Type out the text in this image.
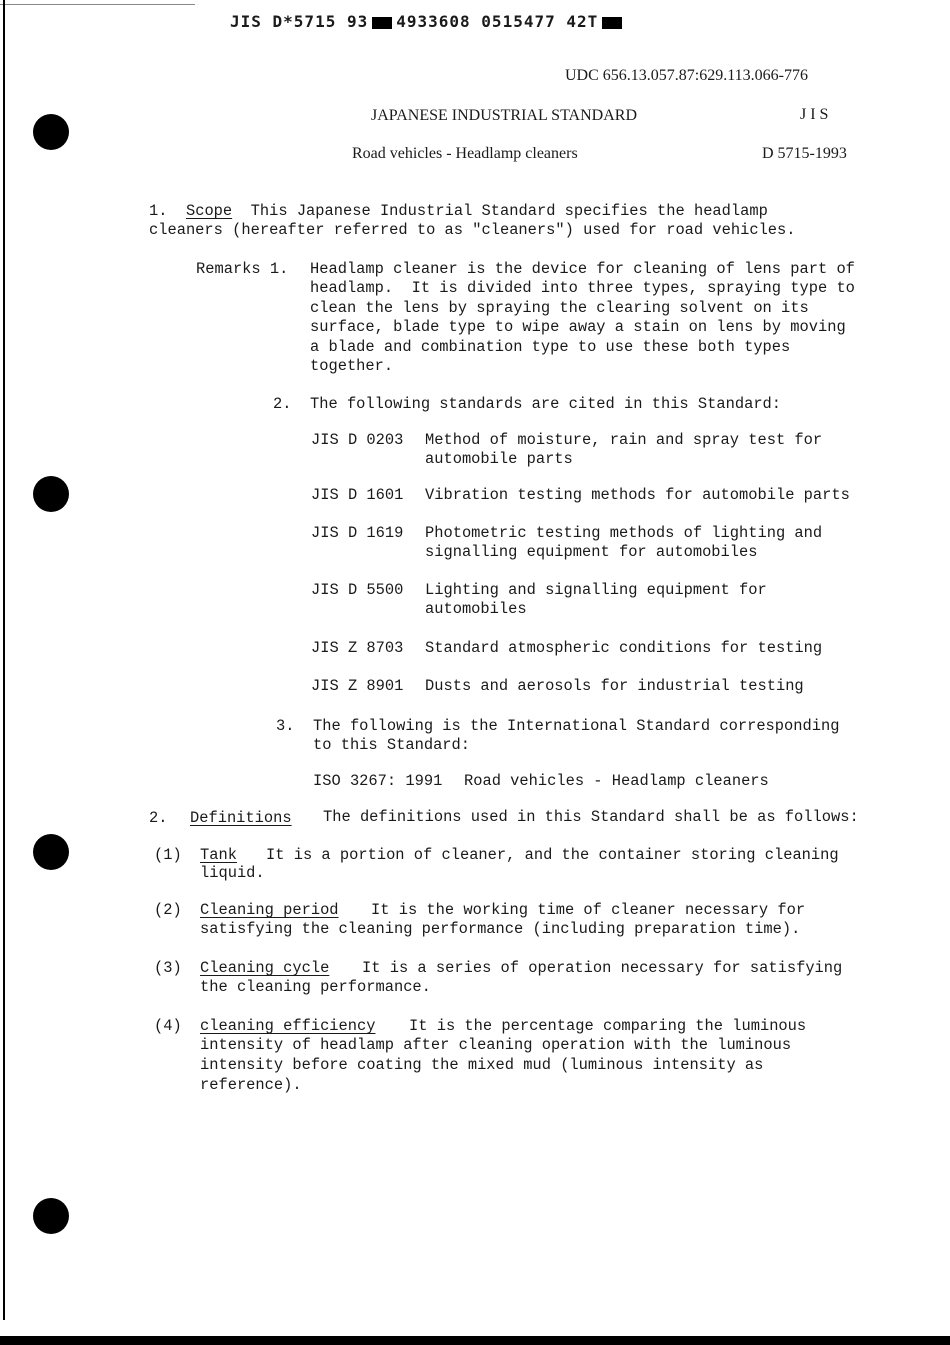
JIS D*5715 93 4933608 0515477 42T
UDC 656.13.057.87:629.113.066-776
JAPANESE INDUSTRIAL STANDARD	J I S
Road vehicles - Headlamp cleaners	D 5715-1993
1. Scope This Japanese Industrial Standard specifies the headlamp
cleaners (hereafter referred to as "cleaners") used for road vehicles.
Remarks 1. Headlamp cleaner is the device for cleaning of lens part of
headlamp.  It is divided into three types, spraying type to
clean the lens by spraying the clearing solvent on its
surface, blade type to wipe away a stain on lens by moving
a blade and combination type to use these both types
together.
2. The following standards are cited in this Standard:
JIS D 0203 Method of moisture, rain and spray test for
automobile parts
JIS D 1601 Vibration testing methods for automobile parts
JIS D 1619 Photometric testing methods of lighting and
signalling equipment for automobiles
JIS D 5500 Lighting and signalling equipment for
automobiles
JIS Z 8703 Standard atmospheric conditions for testing
JIS Z 8901 Dusts and aerosols for industrial testing
3. The following is the International Standard corresponding
to this Standard:
ISO 3267: 1991 Road vehicles - Headlamp cleaners
2. Definitions The definitions used in this Standard shall be as follows:
(1) Tank It is a portion of cleaner, and the container storing cleaning
liquid.
(2) Cleaning period It is the working time of cleaner necessary for
satisfying the cleaning performance (including preparation time).
(3) Cleaning cycle It is a series of operation necessary for satisfying
the cleaning performance.
(4) cleaning efficiency It is the percentage comparing the luminous
intensity of headlamp after cleaning operation with the luminous
intensity before coating the mixed mud (luminous intensity as
reference).
